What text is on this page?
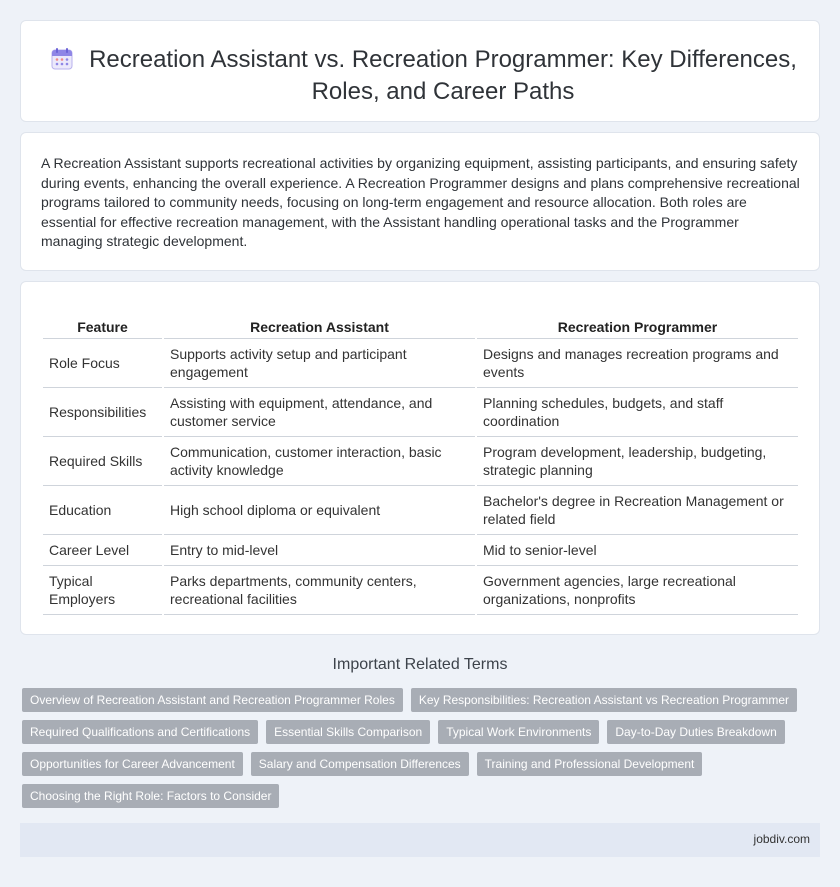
Recreation Assistant vs. Recreation Programmer: Key Differences, Roles, and Career Paths

A Recreation Assistant supports recreational activities by organizing equipment, assisting participants, and ensuring safety during events, enhancing the overall experience. A Recreation Programmer designs and plans comprehensive recreational programs tailored to community needs, focusing on long-term engagement and resource allocation. Both roles are essential for effective recreation management, with the Assistant handling operational tasks and the Programmer managing strategic development.

Feature	Recreation Assistant	Recreation Programmer
Role Focus	Supports activity setup and participant engagement	Designs and manages recreation programs and events
Responsibilities	Assisting with equipment, attendance, and customer service	Planning schedules, budgets, and staff coordination
Required Skills	Communication, customer interaction, basic activity knowledge	Program development, leadership, budgeting, strategic planning
Education	High school diploma or equivalent	Bachelor's degree in Recreation Management or related field
Career Level	Entry to mid-level	Mid to senior-level
Typical Employers	Parks departments, community centers, recreational facilities	Government agencies, large recreational organizations, nonprofits
Important Related Terms
Overview of Recreation Assistant and Recreation Programmer Roles	Key Responsibilities: Recreation Assistant vs Recreation Programmer
Required Qualifications and Certifications	Essential Skills Comparison	Typical Work Environments	Day-to-Day Duties Breakdown
Opportunities for Career Advancement	Salary and Compensation Differences	Training and Professional Development
Choosing the Right Role: Factors to Consider
jobdiv.com
